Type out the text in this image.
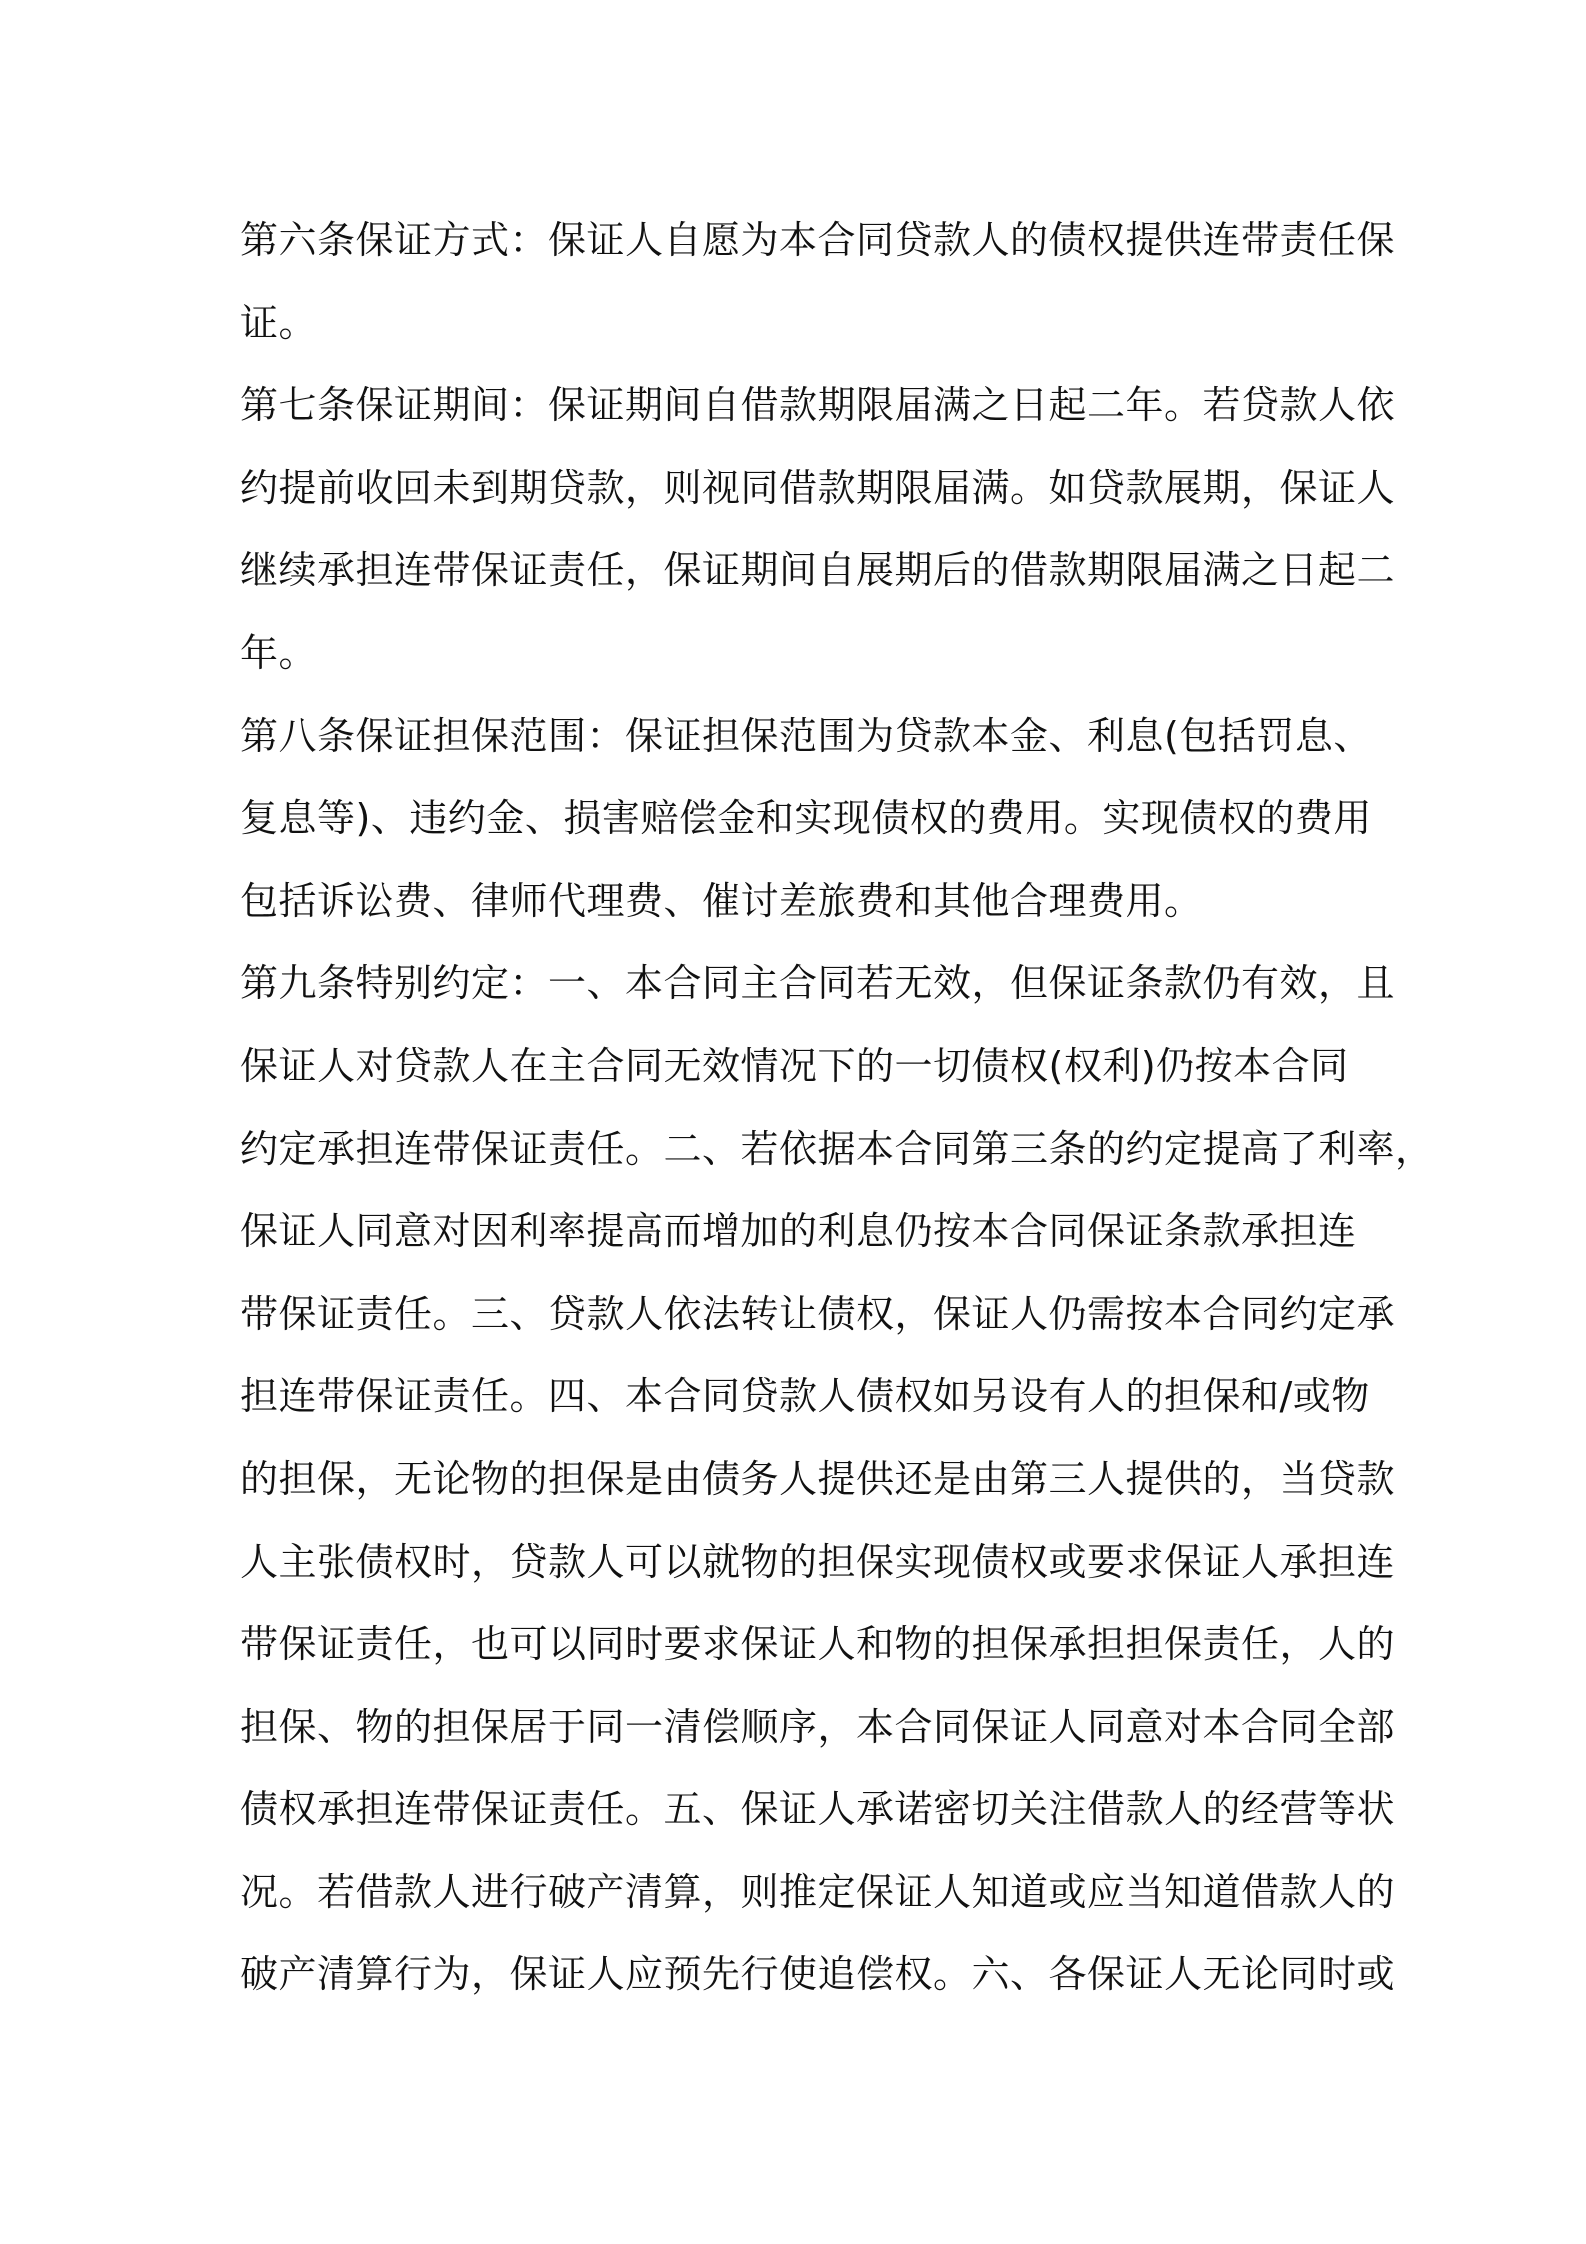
第六条保证方式：保证人自愿为本合同贷款人的债权提供连带责任保
证。
第七条保证期间：保证期间自借款期限届满之日起二年。若贷款人依
约提前收回未到期贷款，则视同借款期限届满。如贷款展期，保证人
继续承担连带保证责任，保证期间自展期后的借款期限届满之日起二
年。
第八条保证担保范围：保证担保范围为贷款本金、利息(包括罚息、
复息等)、违约金、损害赔偿金和实现债权的费用。实现债权的费用
包括诉讼费、律师代理费、催讨差旅费和其他合理费用。
第九条特别约定：一、本合同主合同若无效，但保证条款仍有效，且
保证人对贷款人在主合同无效情况下的一切债权(权利)仍按本合同
约定承担连带保证责任。二、若依据本合同第三条的约定提高了利率，
保证人同意对因利率提高而增加的利息仍按本合同保证条款承担连
带保证责任。三、贷款人依法转让债权，保证人仍需按本合同约定承
担连带保证责任。四、本合同贷款人债权如另设有人的担保和/或物
的担保，无论物的担保是由债务人提供还是由第三人提供的，当贷款
人主张债权时，贷款人可以就物的担保实现债权或要求保证人承担连
带保证责任，也可以同时要求保证人和物的担保承担担保责任，人的
担保、物的担保居于同一清偿顺序，本合同保证人同意对本合同全部
债权承担连带保证责任。五、保证人承诺密切关注借款人的经营等状
况。若借款人进行破产清算，则推定保证人知道或应当知道借款人的
破产清算行为，保证人应预先行使追偿权。六、各保证人无论同时或
